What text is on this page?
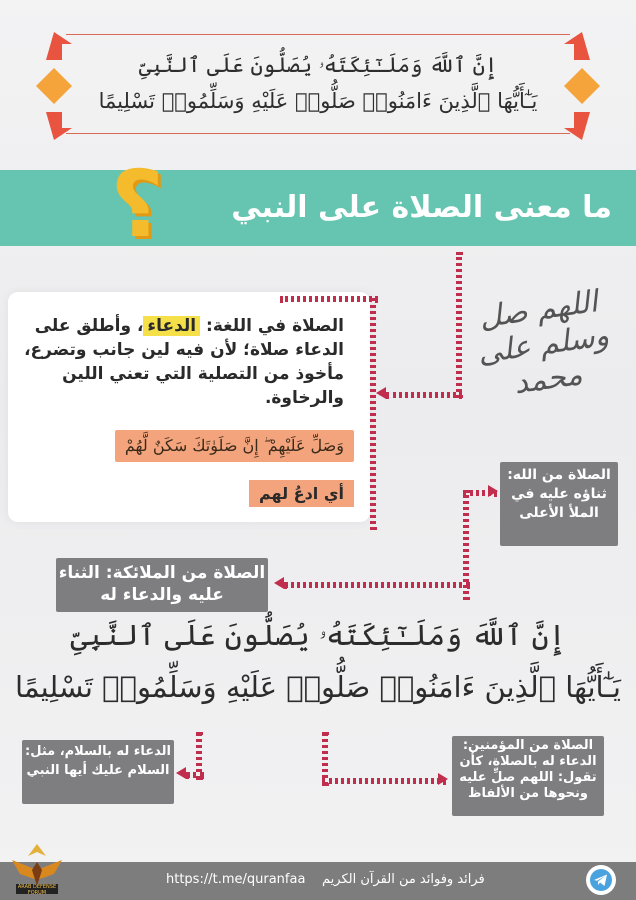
إِنَّ ٱللَّهَ وَمَلَـٰٓئِكَتَهُۥ يُصَلُّونَ عَلَى ٱلنَّبِىِّ
يَـٰٓأَيُّهَا ٱلَّذِينَ ءَامَنُوا۟ صَلُّوا۟ عَلَيْهِ وَسَلِّمُوا۟ تَسْلِيمًا
ما معنى الصلاة على النبي
؟
الصلاة في اللغة: الدعاء، وأطلق على الدعاء صلاة؛ لأن فيه لين جانب وتضرع، مأخوذ من التصلية التي تعني اللين والرخاوة.
وَصَلِّ عَلَيْهِمْ ۖ إِنَّ صَلَوٰتَكَ سَكَنٌ لَّهُمْ
أي ادعُ لهم
اللهم صل وسلم على محمد
الصلاة من الله: ثناؤه عليه في الملأ الأعلى
الصلاة من الملائكة: الثناء عليه والدعاء له
إِنَّ ٱللَّهَ وَمَلَـٰٓئِكَتَهُۥ يُصَلُّونَ عَلَى ٱلنَّبِىِّ
يَـٰٓأَيُّهَا ٱلَّذِينَ ءَامَنُوا۟ صَلُّوا۟ عَلَيْهِ وَسَلِّمُوا۟ تَسْلِيمًا
الدعاء له بالسلام، مثل: السلام عليك أيها النبي
الصلاة من المؤمنين: الدعاء له بالصلاة، كأن تقول: اللهم صلِّ عليه ونحوها من الألفاظ
https://t.me/quranfaa فرائد وفوائد من القرآن الكريم
ARAB DEFENSE FORUM
